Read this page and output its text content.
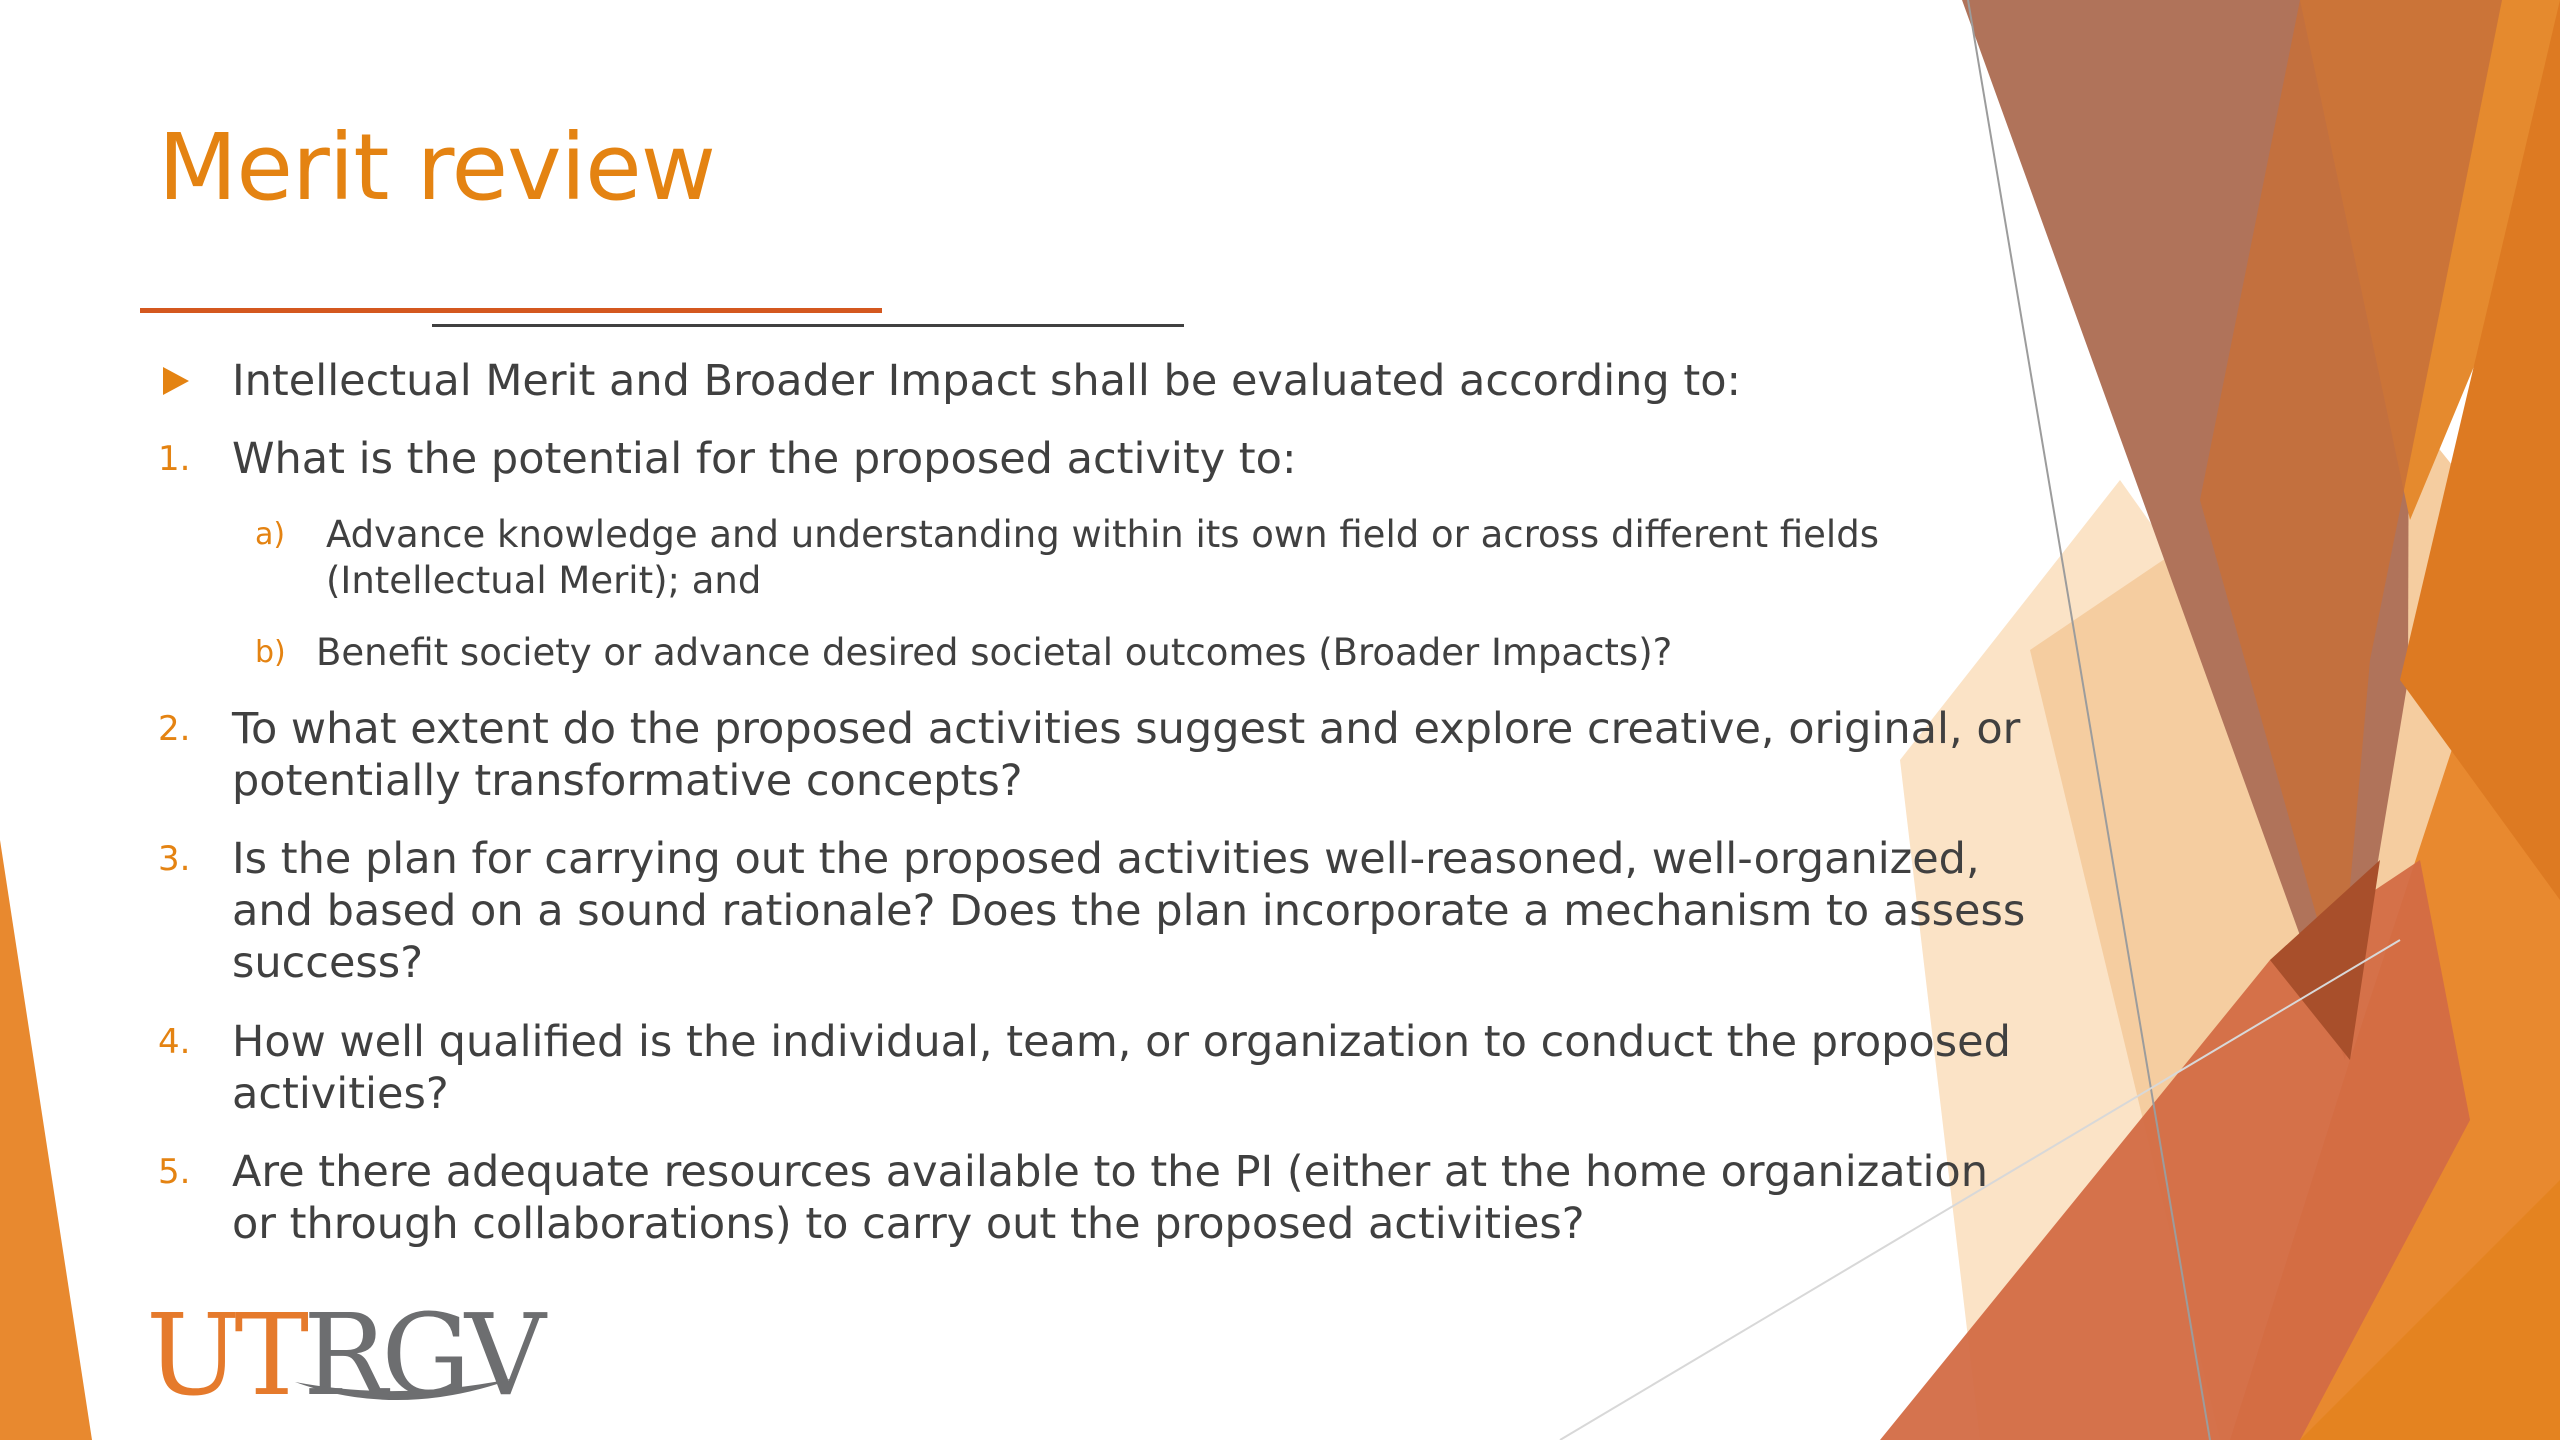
Merit review
Intellectual Merit and Broader Impact shall be evaluated according to:
1. What is the potential for the proposed activity to:
a) Advance knowledge and understanding within its own field or across different fields
(Intellectual Merit); and
b) Benefit society or advance desired societal outcomes (Broader Impacts)?
2. To what extent do the proposed activities suggest and explore creative, original, or
potentially transformative concepts?
3. Is the plan for carrying out the proposed activities well-reasoned, well-organized,
and based on a sound rationale? Does the plan incorporate a mechanism to assess
success?
4. How well qualified is the individual, team, or organization to conduct the proposed
activities?
5. Are there adequate resources available to the PI (either at the home organization
or through collaborations) to carry out the proposed activities?
UTRGV
